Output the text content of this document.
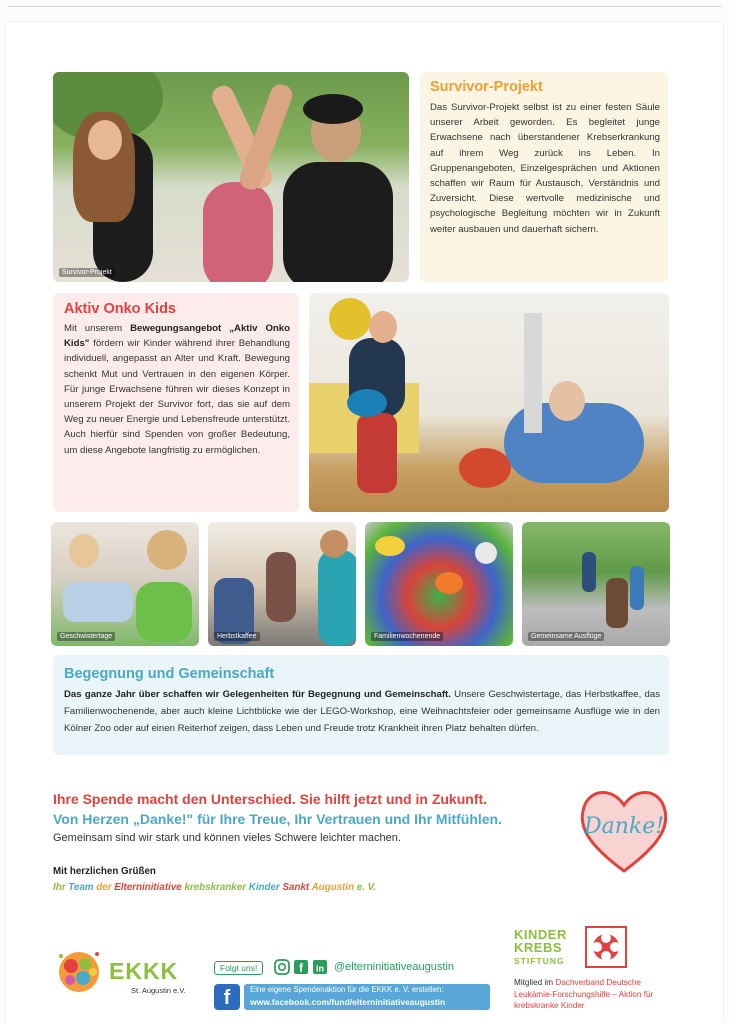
Survivor-Projekt
Survivor-Projekt
Das Survivor-Projekt selbst ist zu einer festen Säule unserer Arbeit geworden. Es begleitet junge Erwachsene nach überstandener Krebserkrankung auf ihrem Weg zurück ins Leben. In Gruppenangeboten, Einzelgesprächen und Aktionen schaffen wir Raum für Austausch, Verständnis und Zuversicht. Diese wertvolle medizinische und psychologische Begleitung möchten wir in Zukunft weiter ausbauen und dauerhaft sichern.
Aktiv Onko Kids
Mit unserem Bewegungsangebot „Aktiv Onko Kids" fördern wir Kinder während ihrer Behandlung individuell, angepasst an Alter und Kraft. Bewegung schenkt Mut und Vertrauen in den eigenen Körper. Für junge Erwachsene führen wir dieses Konzept in unserem Projekt der Survivor fort, das sie auf dem Weg zu neuer Energie und Lebensfreude unterstützt. Auch hierfür sind Spenden von großer Bedeutung, um diese Angebote langfristig zu ermöglichen.
Geschwistertage	Herbstkaffee	Familienwochenende	Gemeinsame Ausflüge
Begegnung und Gemeinschaft
Das ganze Jahr über schaffen wir Gelegenheiten für Begegnung und Gemeinschaft. Unsere Geschwistertage, das Herbstkaffee, das Familienwochenende, aber auch kleine Lichtblicke wie der LEGO-Workshop, eine Weihnachtsfeier oder gemeinsame Ausflüge wie in den Kölner Zoo oder auf einen Reiterhof zeigen, dass Leben und Freude trotz Krankheit ihren Platz behalten dürfen.
Ihre Spende macht den Unterschied. Sie hilft jetzt und in Zukunft.
Von Herzen „Danke!" für Ihre Treue, Ihr Vertrauen und Ihr Mitfühlen.
Gemeinsam sind wir stark und können vieles Schwere leichter machen.	Danke!
Mit herzlichen Grüßen
Ihr Team der Elterninitiative krebskranker Kinder Sankt Augustin e. V.
EKKK
St. Augustin e.V.
Folgt uns!	f in @elterninitiativeaugustin
f	Eine eigene Spendenaktion für die EKKK e. V. erstellen:
www.facebook.com/fund/elterninitiativeaugustin
KINDER
KREBS
STIFTUNG
Mitglied im Dachverband Deutsche Leukämie-Forschungshilfe – Aktion für krebskranke Kinder
